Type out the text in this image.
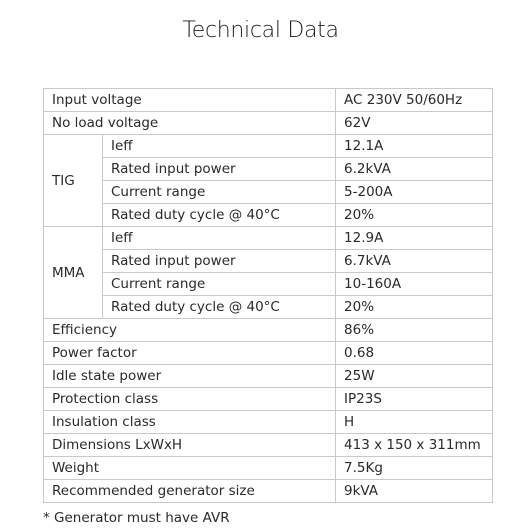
Technical Data
Input voltage		AC 230V 50/60Hz
No load voltage		62V
TIG	Ieff	12.1A
	Rated input power	6.2kVA
	Current range	5-200A
	Rated duty cycle @ 40°C	20%
MMA	Ieff	12.9A
	Rated input power	6.7kVA
	Current range	10-160A
	Rated duty cycle @ 40°C	20%
Efficiency		86%
Power factor		0.68
Idle state power		25W
Protection class		IP23S
Insulation class		H
Dimensions LxWxH		413 x 150 x 311mm
Weight		7.5Kg
Recommended generator size		9kVA
* Generator must have AVR
